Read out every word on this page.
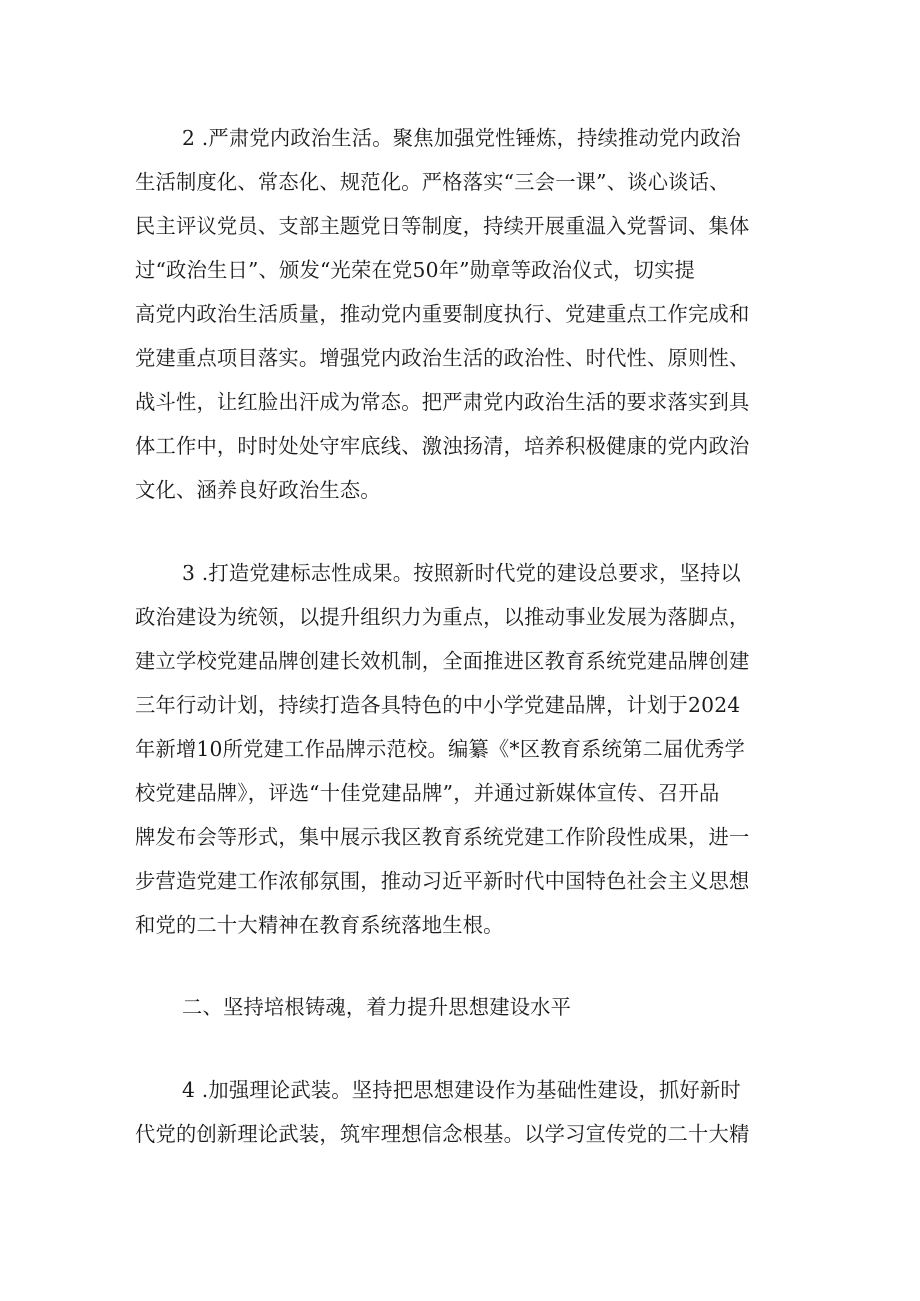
2 .严肃党内政治生活。聚焦加强党性锤炼，持续推动党内政治
生活制度化、常态化、规范化。严格落实“三会一课”、谈心谈话、
民主评议党员、支部主题党日等制度，持续开展重温入党誓词、集体
过“政治生日”、颁发“光荣在党50年”勋章等政治仪式，切实提
高党内政治生活质量，推动党内重要制度执行、党建重点工作完成和
党建重点项目落实。增强党内政治生活的政治性、时代性、原则性、
战斗性，让红脸出汗成为常态。把严肃党内政治生活的要求落实到具
体工作中，时时处处守牢底线、激浊扬清，培养积极健康的党内政治
文化、涵养良好政治生态。
3 .打造党建标志性成果。按照新时代党的建设总要求，坚持以
政治建设为统领，以提升组织力为重点，以推动事业发展为落脚点，
建立学校党建品牌创建长效机制，全面推进区教育系统党建品牌创建
三年行动计划，持续打造各具特色的中小学党建品牌，计划于2024
年新增10所党建工作品牌示范校。编纂《*区教育系统第二届优秀学
校党建品牌》，评选“十佳党建品牌”，并通过新媒体宣传、召开品
牌发布会等形式，集中展示我区教育系统党建工作阶段性成果，进一
步营造党建工作浓郁氛围，推动习近平新时代中国特色社会主义思想
和党的二十大精神在教育系统落地生根。
二、坚持培根铸魂，着力提升思想建设水平
4 .加强理论武装。坚持把思想建设作为基础性建设，抓好新时
代党的创新理论武装，筑牢理想信念根基。以学习宣传党的二十大精
